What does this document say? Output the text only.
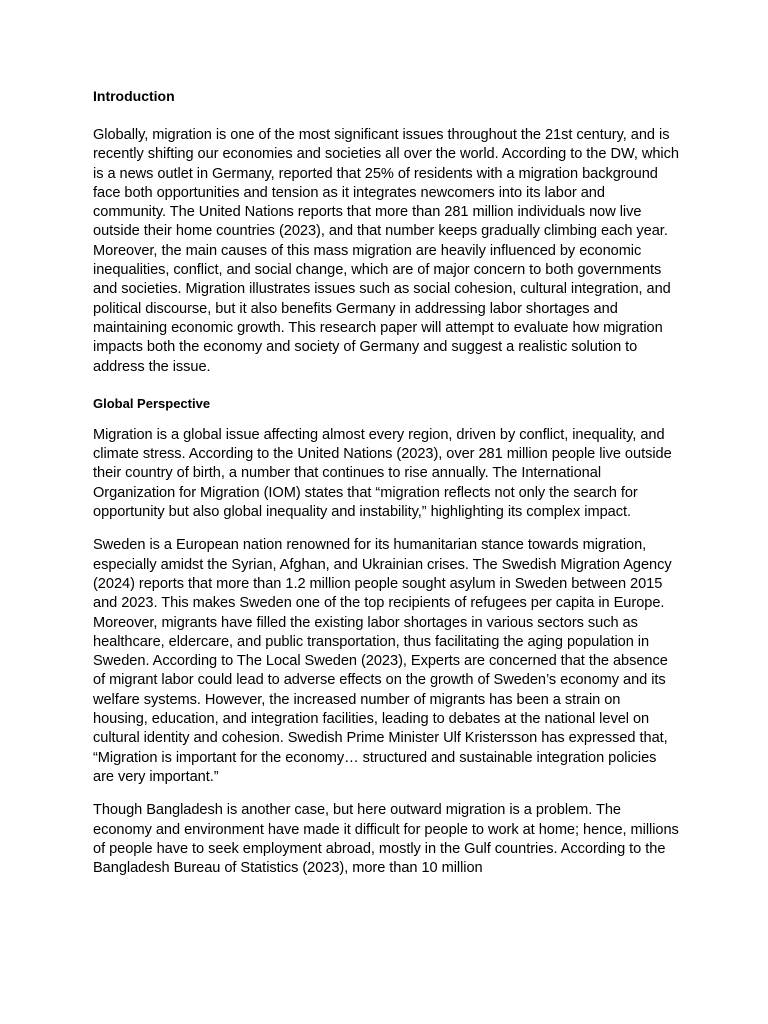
Introduction

Globally, migration is one of the most significant issues throughout the 21st century, and is recently shifting our economies and societies all over the world. According to the DW, which is a news outlet in Germany, reported that 25% of residents with a migration background face both opportunities and tension as it integrates newcomers into its labor and community. The United Nations reports that more than 281 million individuals now live outside their home countries (2023), and that number keeps gradually climbing each year. Moreover, the main causes of this mass migration are heavily influenced by economic inequalities, conflict, and social change, which are of major concern to both governments and societies. Migration illustrates issues such as social cohesion, cultural integration, and political discourse, but it also benefits Germany in addressing labor shortages and maintaining economic growth. This research paper will attempt to evaluate how migration impacts both the economy and society of Germany and suggest a realistic solution to address the issue.

Global Perspective

Migration is a global issue affecting almost every region, driven by conflict, inequality, and climate stress. According to the United Nations (2023), over 281 million people live outside their country of birth, a number that continues to rise annually. The International Organization for Migration (IOM) states that “migration reflects not only the search for opportunity but also global inequality and instability,” highlighting its complex impact.

Sweden is a European nation renowned for its humanitarian stance towards migration, especially amidst the Syrian, Afghan, and Ukrainian crises. The Swedish Migration Agency (2024) reports that more than 1.2 million people sought asylum in Sweden between 2015 and 2023. This makes Sweden one of the top recipients of refugees per capita in Europe. Moreover, migrants have filled the existing labor shortages in various sectors such as healthcare, eldercare, and public transportation, thus facilitating the aging population in Sweden. According to The Local Sweden (2023), Experts are concerned that the absence of migrant labor could lead to adverse effects on the growth of Sweden’s economy and its welfare systems. However, the increased number of migrants has been a strain on housing, education, and integration facilities, leading to debates at the national level on cultural identity and cohesion. Swedish Prime Minister Ulf Kristersson has expressed that, “Migration is important for the economy… structured and sustainable integration policies are very important.”

Though Bangladesh is another case, but here outward migration is a problem. The economy and environment have made it difficult for people to work at home; hence, millions of people have to seek employment abroad, mostly in the Gulf countries. According to the Bangladesh Bureau of Statistics (2023), more than 10 million
